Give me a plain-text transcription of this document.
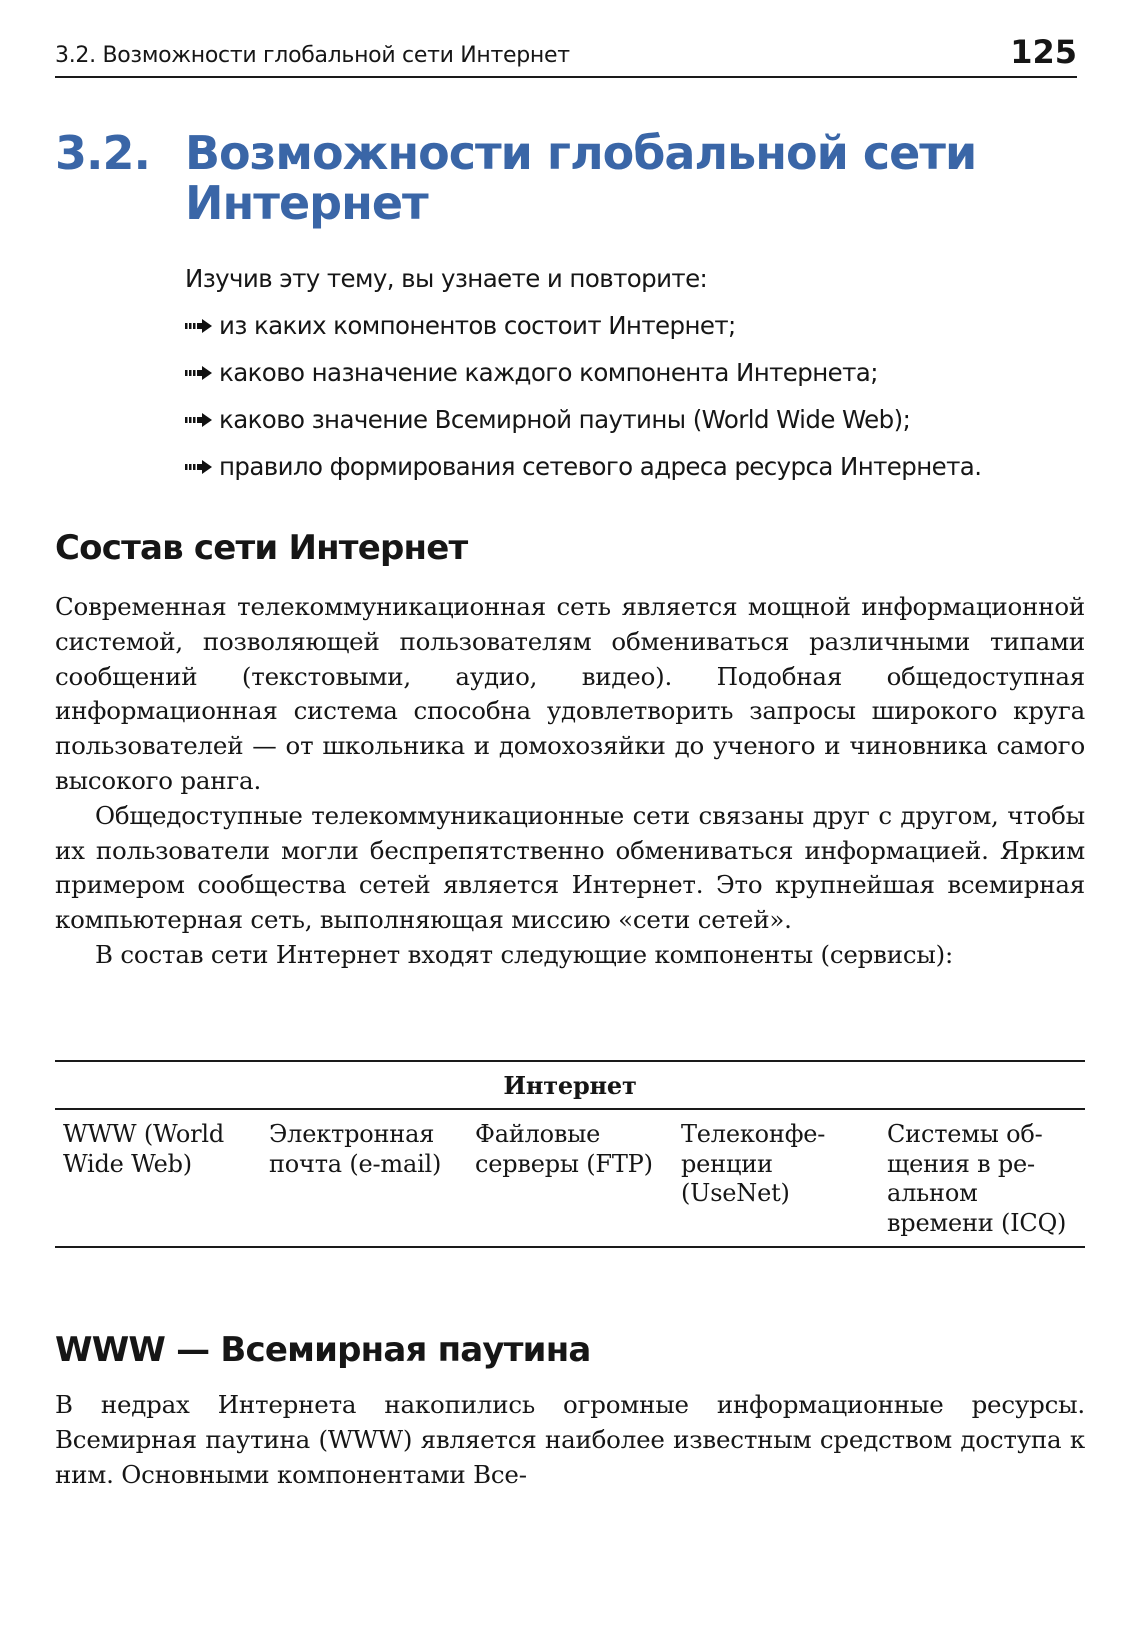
3.2. Возможности глобальной сети Интернет	125
3.2. Возможности глобальной сети Интернет

Изучив эту тему, вы узнаете и повторите:

из каких компонентов состоит Интернет;
каково назначение каждого компонента Интернета;
каково значение Всемирной паутины (World Wide Web);
правило формирования сетевого адреса ресурса Интернета.
Состав сети Интернет

Современная телекоммуникационная сеть является мощной информационной системой, позволяющей пользователям обмениваться различными типами сообщений (текстовыми, аудио, видео). Подобная общедоступная информационная система способна удовлетворить запросы широкого круга пользователей — от школьника и домохозяйки до ученого и чиновника самого высокого ранга.

Общедоступные телекоммуникационные сети связаны друг с другом, чтобы их пользователи могли беспрепятственно обмениваться информацией. Ярким примером сообщества сетей является Интернет. Это крупнейшая всемирная компьютерная сеть, выполняющая миссию «сети сетей».

В состав сети Интернет входят следующие компоненты (сервисы):

Интернет
WWW (World Wide Web)	Электронная почта (e-mail)	Файловые серверы (FTP)	Телеконференции (UseNet)	Системы общения в реальном времени (ICQ)
WWW — Всемирная паутина

В недрах Интернета накопились огромные информационные ресурсы. Всемирная паутина (WWW) является наиболее известным средством доступа к ним. Основными компонентами Все-
